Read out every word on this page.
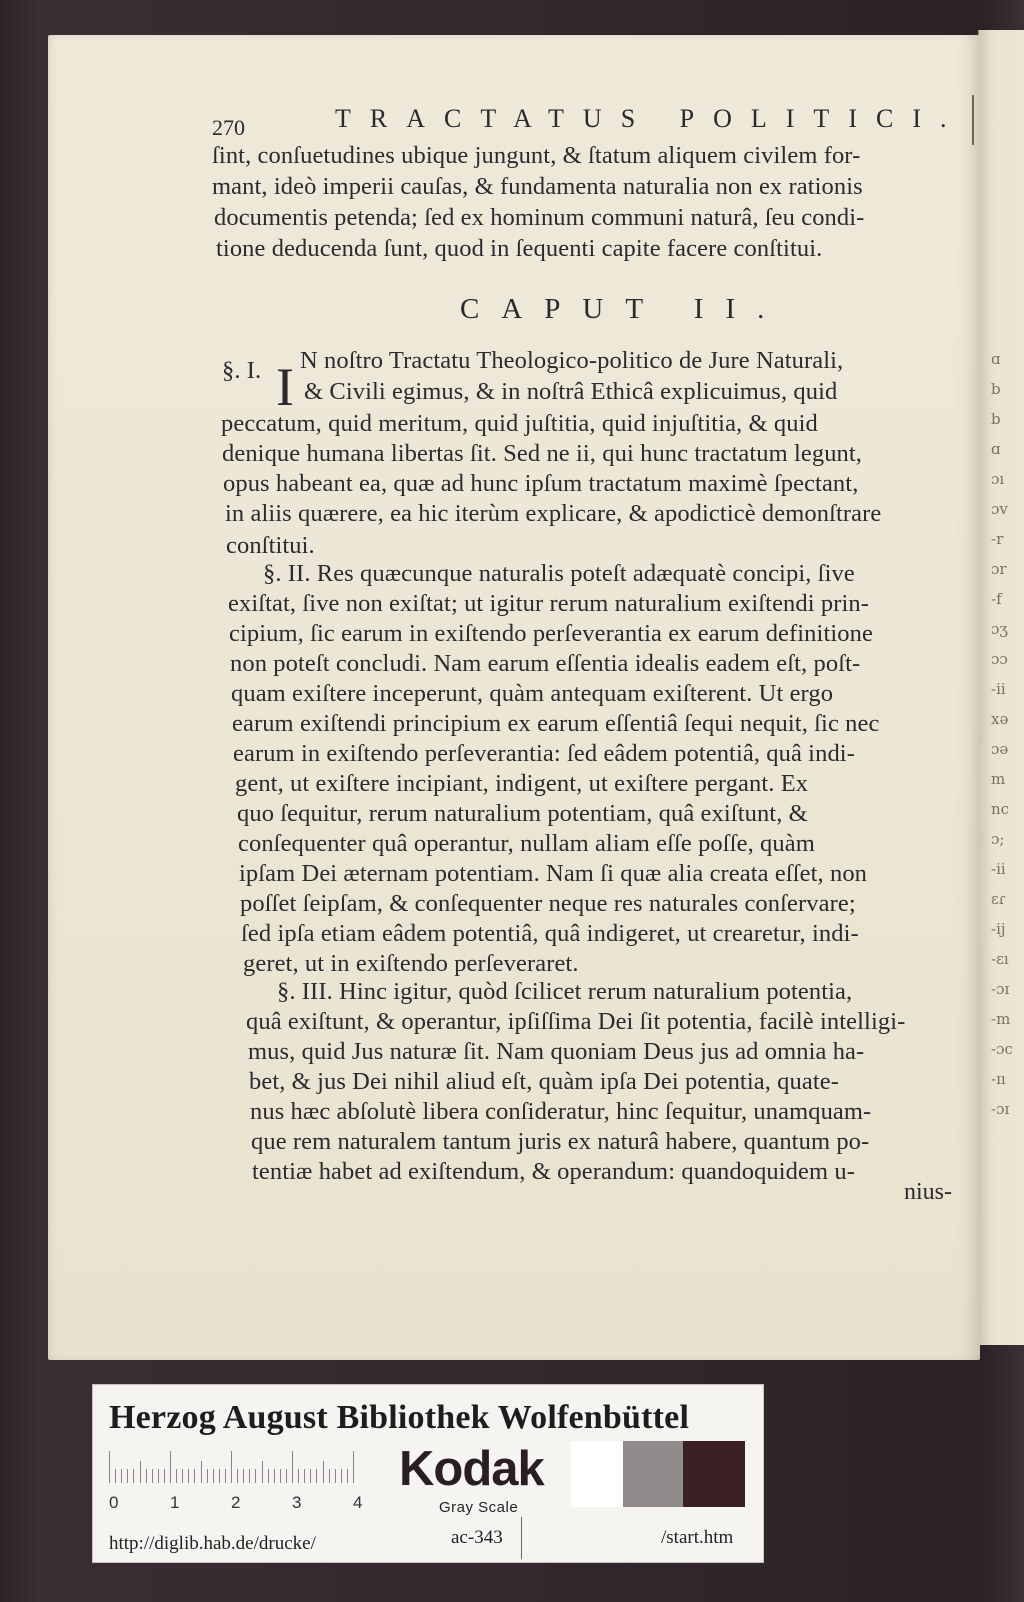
ɑ
b
b
ɑ
ɔı
ɔv
-r
ɔr
-f
ɔʒ
ɔɔ
-ii
xǝ
ɔǝ
m
nc
ɔ;
-ii
ɛɾ
-ij
-ɛı
-ɔɪ
-m
-ɔc
-ɪı
-ɔɪ
270	TRACTATUS POLITICI.
ſint, conſuetudines ubique jungunt, & ſtatum aliquem civilem for-
mant, ideò imperii cauſas, & fundamenta naturalia non ex rationis
documentis petenda; ſed ex hominum communi naturâ, ſeu condi-
tione deducenda ſunt, quod in ſequenti capite facere conſtitui.
CAPUT II.
§. I. I N noſtro Tractatu Theologico-politico de Jure Naturali,
& Civili egimus, & in noſtrâ Ethicâ explicuimus, quid
peccatum, quid meritum, quid juſtitia, quid injuſtitia, & quid
denique humana libertas ſit. Sed ne ii, qui hunc tractatum legunt,
opus habeant ea, quæ ad hunc ipſum tractatum maximè ſpectant,
in aliis quærere, ea hic iterùm explicare, & apodicticè demonſtrare
conſtitui.
§. II. Res quæcunque naturalis poteſt adæquatè concipi, ſive
exiſtat, ſive non exiſtat; ut igitur rerum naturalium exiſtendi prin-
cipium, ſic earum in exiſtendo perſeverantia ex earum definitione
non poteſt concludi. Nam earum eſſentia idealis eadem eſt, poſt-
quam exiſtere inceperunt, quàm antequam exiſterent. Ut ergo
earum exiſtendi principium ex earum eſſentiâ ſequi nequit, ſic nec
earum in exiſtendo perſeverantia: ſed eâdem potentiâ, quâ indi-
gent, ut exiſtere incipiant, indigent, ut exiſtere pergant. Ex
quo ſequitur, rerum naturalium potentiam, quâ exiſtunt, &
conſequenter quâ operantur, nullam aliam eſſe poſſe, quàm
ipſam Dei æternam potentiam. Nam ſi quæ alia creata eſſet, non
poſſet ſeipſam, & conſequenter neque res naturales conſervare;
ſed ipſa etiam eâdem potentiâ, quâ indigeret, ut crearetur, indi-
geret, ut in exiſtendo perſeveraret.
§. III. Hinc igitur, quòd ſcilicet rerum naturalium potentia,
quâ exiſtunt, & operantur, ipſiſſima Dei ſit potentia, facilè intelligi-
mus, quid Jus naturæ ſit. Nam quoniam Deus jus ad omnia ha-
bet, & jus Dei nihil aliud eſt, quàm ipſa Dei potentia, quate-
nus hæc abſolutè libera conſideratur, hinc ſequitur, unamquam-
que rem naturalem tantum juris ex naturâ habere, quantum po-
tentiæ habet ad exiſtendum, & operandum: quandoquidem u-
nius-
Herzog August Bibliothek Wolfenbüttel
0	1	2	3	4
Kodak
Gray Scale
http://diglib.hab.de/drucke/	ac-343	/start.htm
